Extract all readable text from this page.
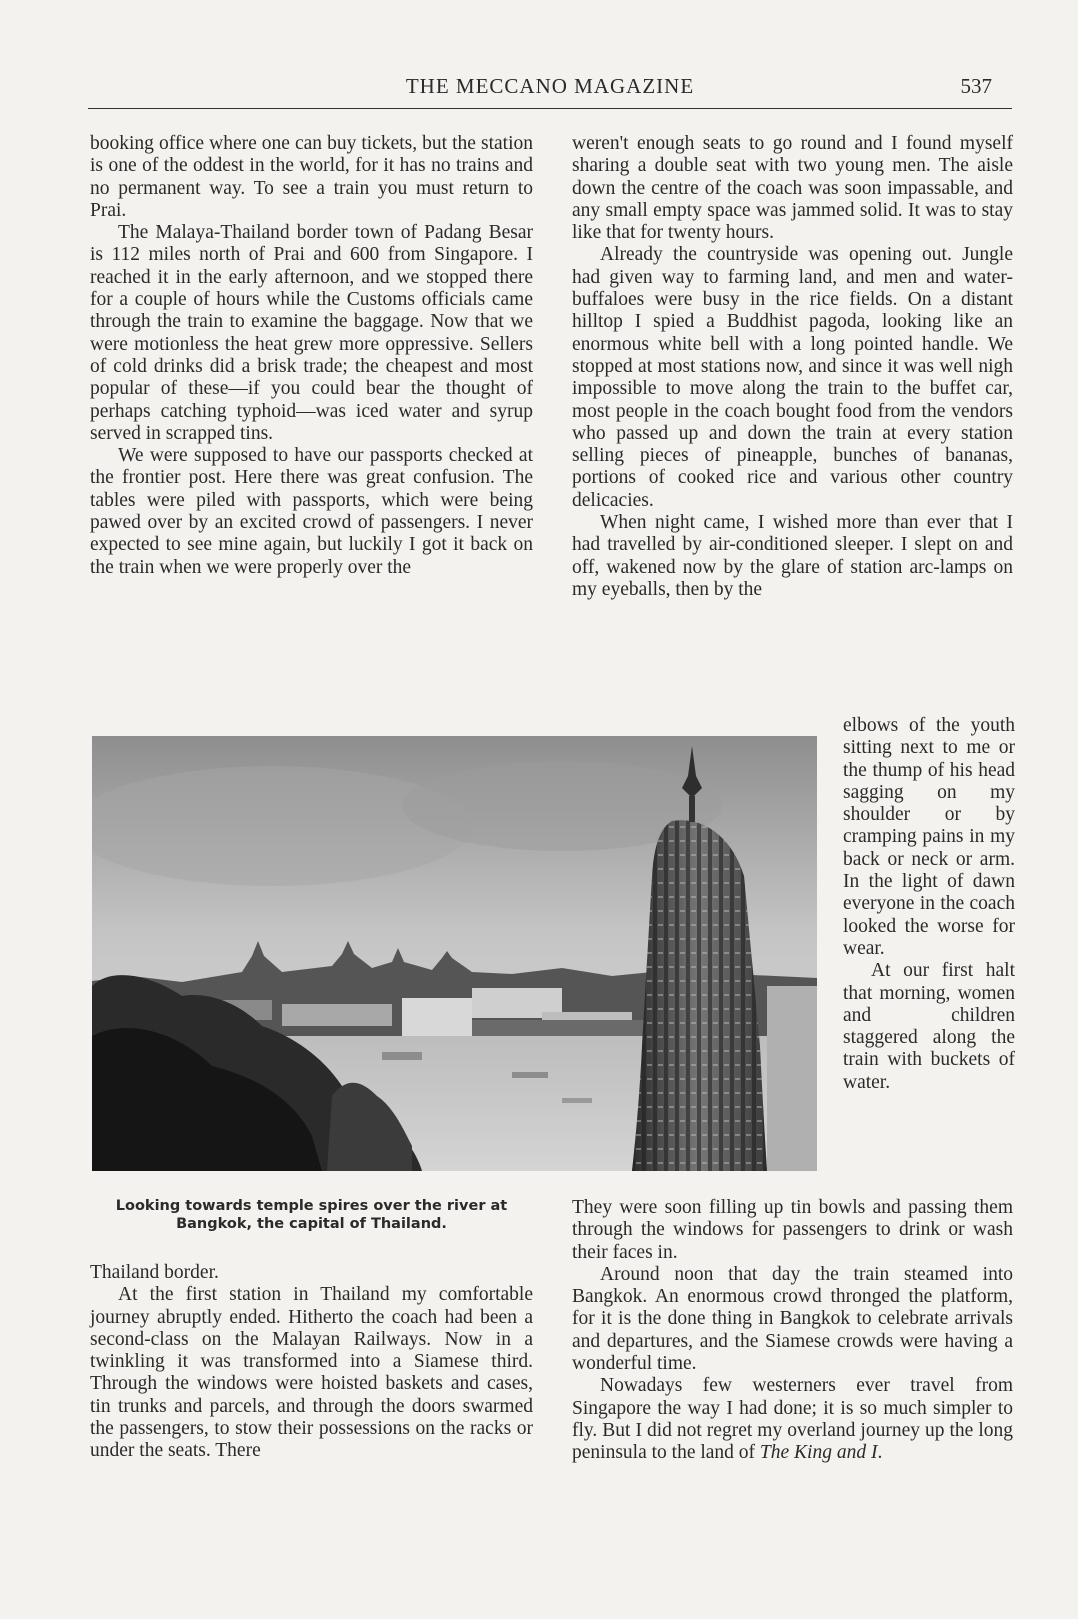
THE MECCANO MAGAZINE	537

booking office where one can buy tickets, but the station is one of the oddest in the world, for it has no trains and no permanent way. To see a train you must return to Prai.

The Malaya-Thailand border town of Padang Besar is 112 miles north of Prai and 600 from Singapore. I reached it in the early afternoon, and we stopped there for a couple of hours while the Customs officials came through the train to examine the baggage. Now that we were motionless the heat grew more oppressive. Sellers of cold drinks did a brisk trade; the cheapest and most popular of these—if you could bear the thought of perhaps catching typhoid—was iced water and syrup served in scrapped tins.

We were supposed to have our passports checked at the frontier post. Here there was great confusion. The tables were piled with passports, which were being pawed over by an excited crowd of passengers. I never expected to see mine again, but luckily I got it back on the train when we were properly over the

Looking towards temple spires over the river at Bangkok, the capital of Thailand.

Thailand border.

At the first station in Thailand my comfortable journey abruptly ended. Hitherto the coach had been a second-class on the Malayan Railways. Now in a twinkling it was transformed into a Siamese third. Through the windows were hoisted baskets and cases, tin trunks and parcels, and through the doors swarmed the passengers, to stow their possessions on the racks or under the seats. There

weren't enough seats to go round and I found myself sharing a double seat with two young men. The aisle down the centre of the coach was soon impassable, and any small empty space was jammed solid. It was to stay like that for twenty hours.

Already the countryside was opening out. Jungle had given way to farming land, and men and water-buffaloes were busy in the rice fields. On a distant hilltop I spied a Buddhist pagoda, looking like an enormous white bell with a long pointed handle. We stopped at most stations now, and since it was well nigh impossible to move along the train to the buffet car, most people in the coach bought food from the vendors who passed up and down the train at every station selling pieces of pineapple, bunches of bananas, portions of cooked rice and various other country delicacies.

When night came, I wished more than ever that I had travelled by air-conditioned sleeper. I slept on and off, wakened now by the glare of station arc-lamps on my eyeballs, then by the

elbows of the youth sitting next to me or the thump of his head sagging on my shoulder or by cramping pains in my back or neck or arm. In the light of dawn everyone in the coach looked the worse for wear.

At our first halt that morning, women and children staggered along the train with buckets of water.

They were soon filling up tin bowls and passing them through the windows for passengers to drink or wash their faces in.

Around noon that day the train steamed into Bangkok. An enormous crowd thronged the platform, for it is the done thing in Bangkok to celebrate arrivals and departures, and the Siamese crowds were having a wonderful time.

Nowadays few westerners ever travel from Singapore the way I had done; it is so much simpler to fly. But I did not regret my overland journey up the long peninsula to the land of The King and I.
